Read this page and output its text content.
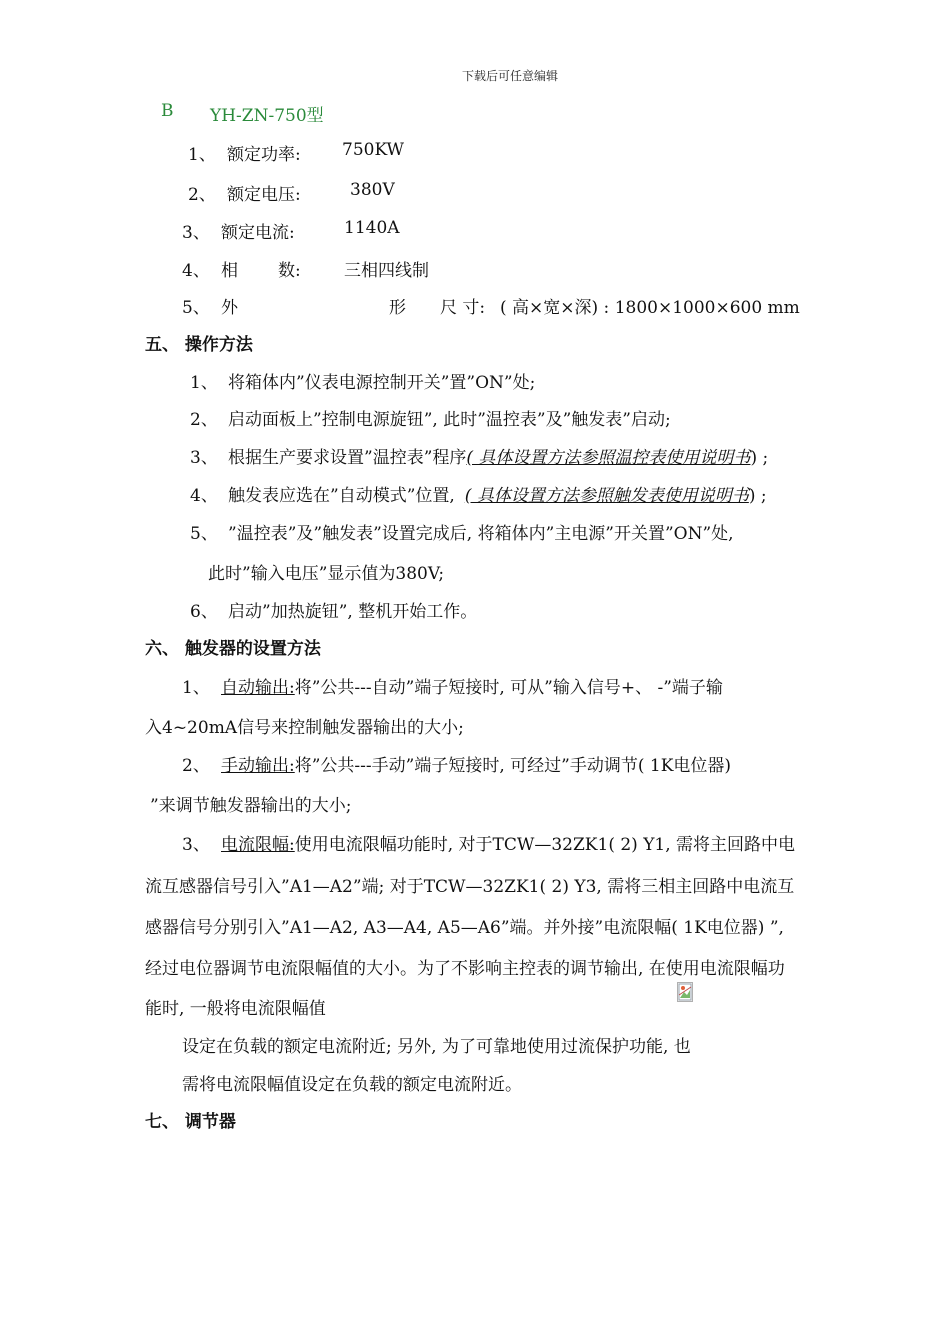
下载后可任意编辑
B YH-ZN-750型
1、 额定功率: 750KW
2、 额定电压:	380V
3、 额定电流:	1140A
4、 相 数:	三相四线制
5、 外	形 尺 寸: ( 高×宽×深) : 1800×1000×600 mm
五、 操作方法
1、 将箱体内”仪表电源控制开关”置”ON”处;
2、 启动面板上”控制电源旋钮”, 此时”温控表”及”触发表”启动;
3、 根据生产要求设置”温控表”程序( 具体设置方法参照温控表使用说明书) ;
4、 触发表应选在”自动模式”位置, ( 具体设置方法参照触发表使用说明书) ;
5、 ”温控表”及”触发表”设置完成后, 将箱体内”主电源”开关置”ON”处,
此时”输入电压”显示值为380V;
6、 启动”加热旋钮”, 整机开始工作。
六、 触发器的设置方法
1、 自动输出:将”公共---自动”端子短接时, 可从”输入信号+、 -”端子输
入4~20mA信号来控制触发器输出的大小;
2、 手动输出:将”公共---手动”端子短接时, 可经过”手动调节( 1K电位器)
”来调节触发器输出的大小;
3、 电流限幅:使用电流限幅功能时, 对于TCW—32ZK1( 2) Y1, 需将主回路中电
流互感器信号引入”A1—A2”端; 对于TCW—32ZK1( 2) Y3, 需将三相主回路中电流互
感器信号分别引入”A1—A2, A3—A4, A5—A6”端。并外接”电流限幅( 1K电位器) ”,
经过电位器调节电流限幅值的大小。为了不影响主控表的调节输出, 在使用电流限幅功
能时, 一般将电流限幅值
设定在负载的额定电流附近; 另外, 为了可靠地使用过流保护功能, 也
需将电流限幅值设定在负载的额定电流附近。
七、 调节器
